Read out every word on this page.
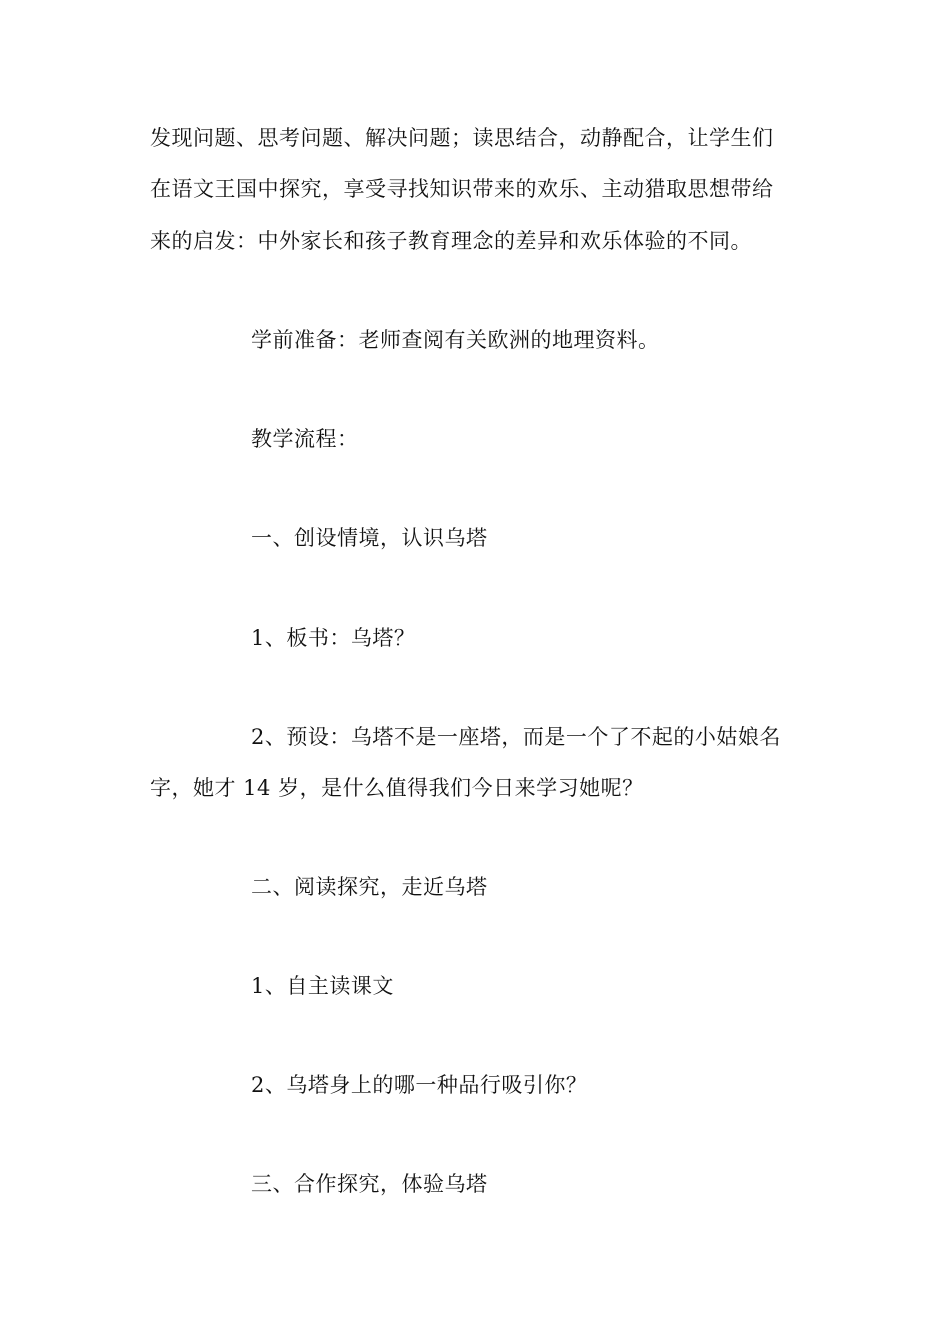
发现问题、思考问题、解决问题；读思结合，动静配合，让学生们
在语文王国中探究，享受寻找知识带来的欢乐、主动猎取思想带给
来的启发：中外家长和孩子教育理念的差异和欢乐体验的不同。
学前准备：老师查阅有关欧洲的地理资料。
教学流程：
一、创设情境，认识乌塔
1、板书：乌塔？
2、预设：乌塔不是一座塔，而是一个了不起的小姑娘名
字，她才 14 岁，是什么值得我们今日来学习她呢？
二、阅读探究，走近乌塔
1、自主读课文
2、乌塔身上的哪一种品行吸引你？
三、合作探究，体验乌塔
